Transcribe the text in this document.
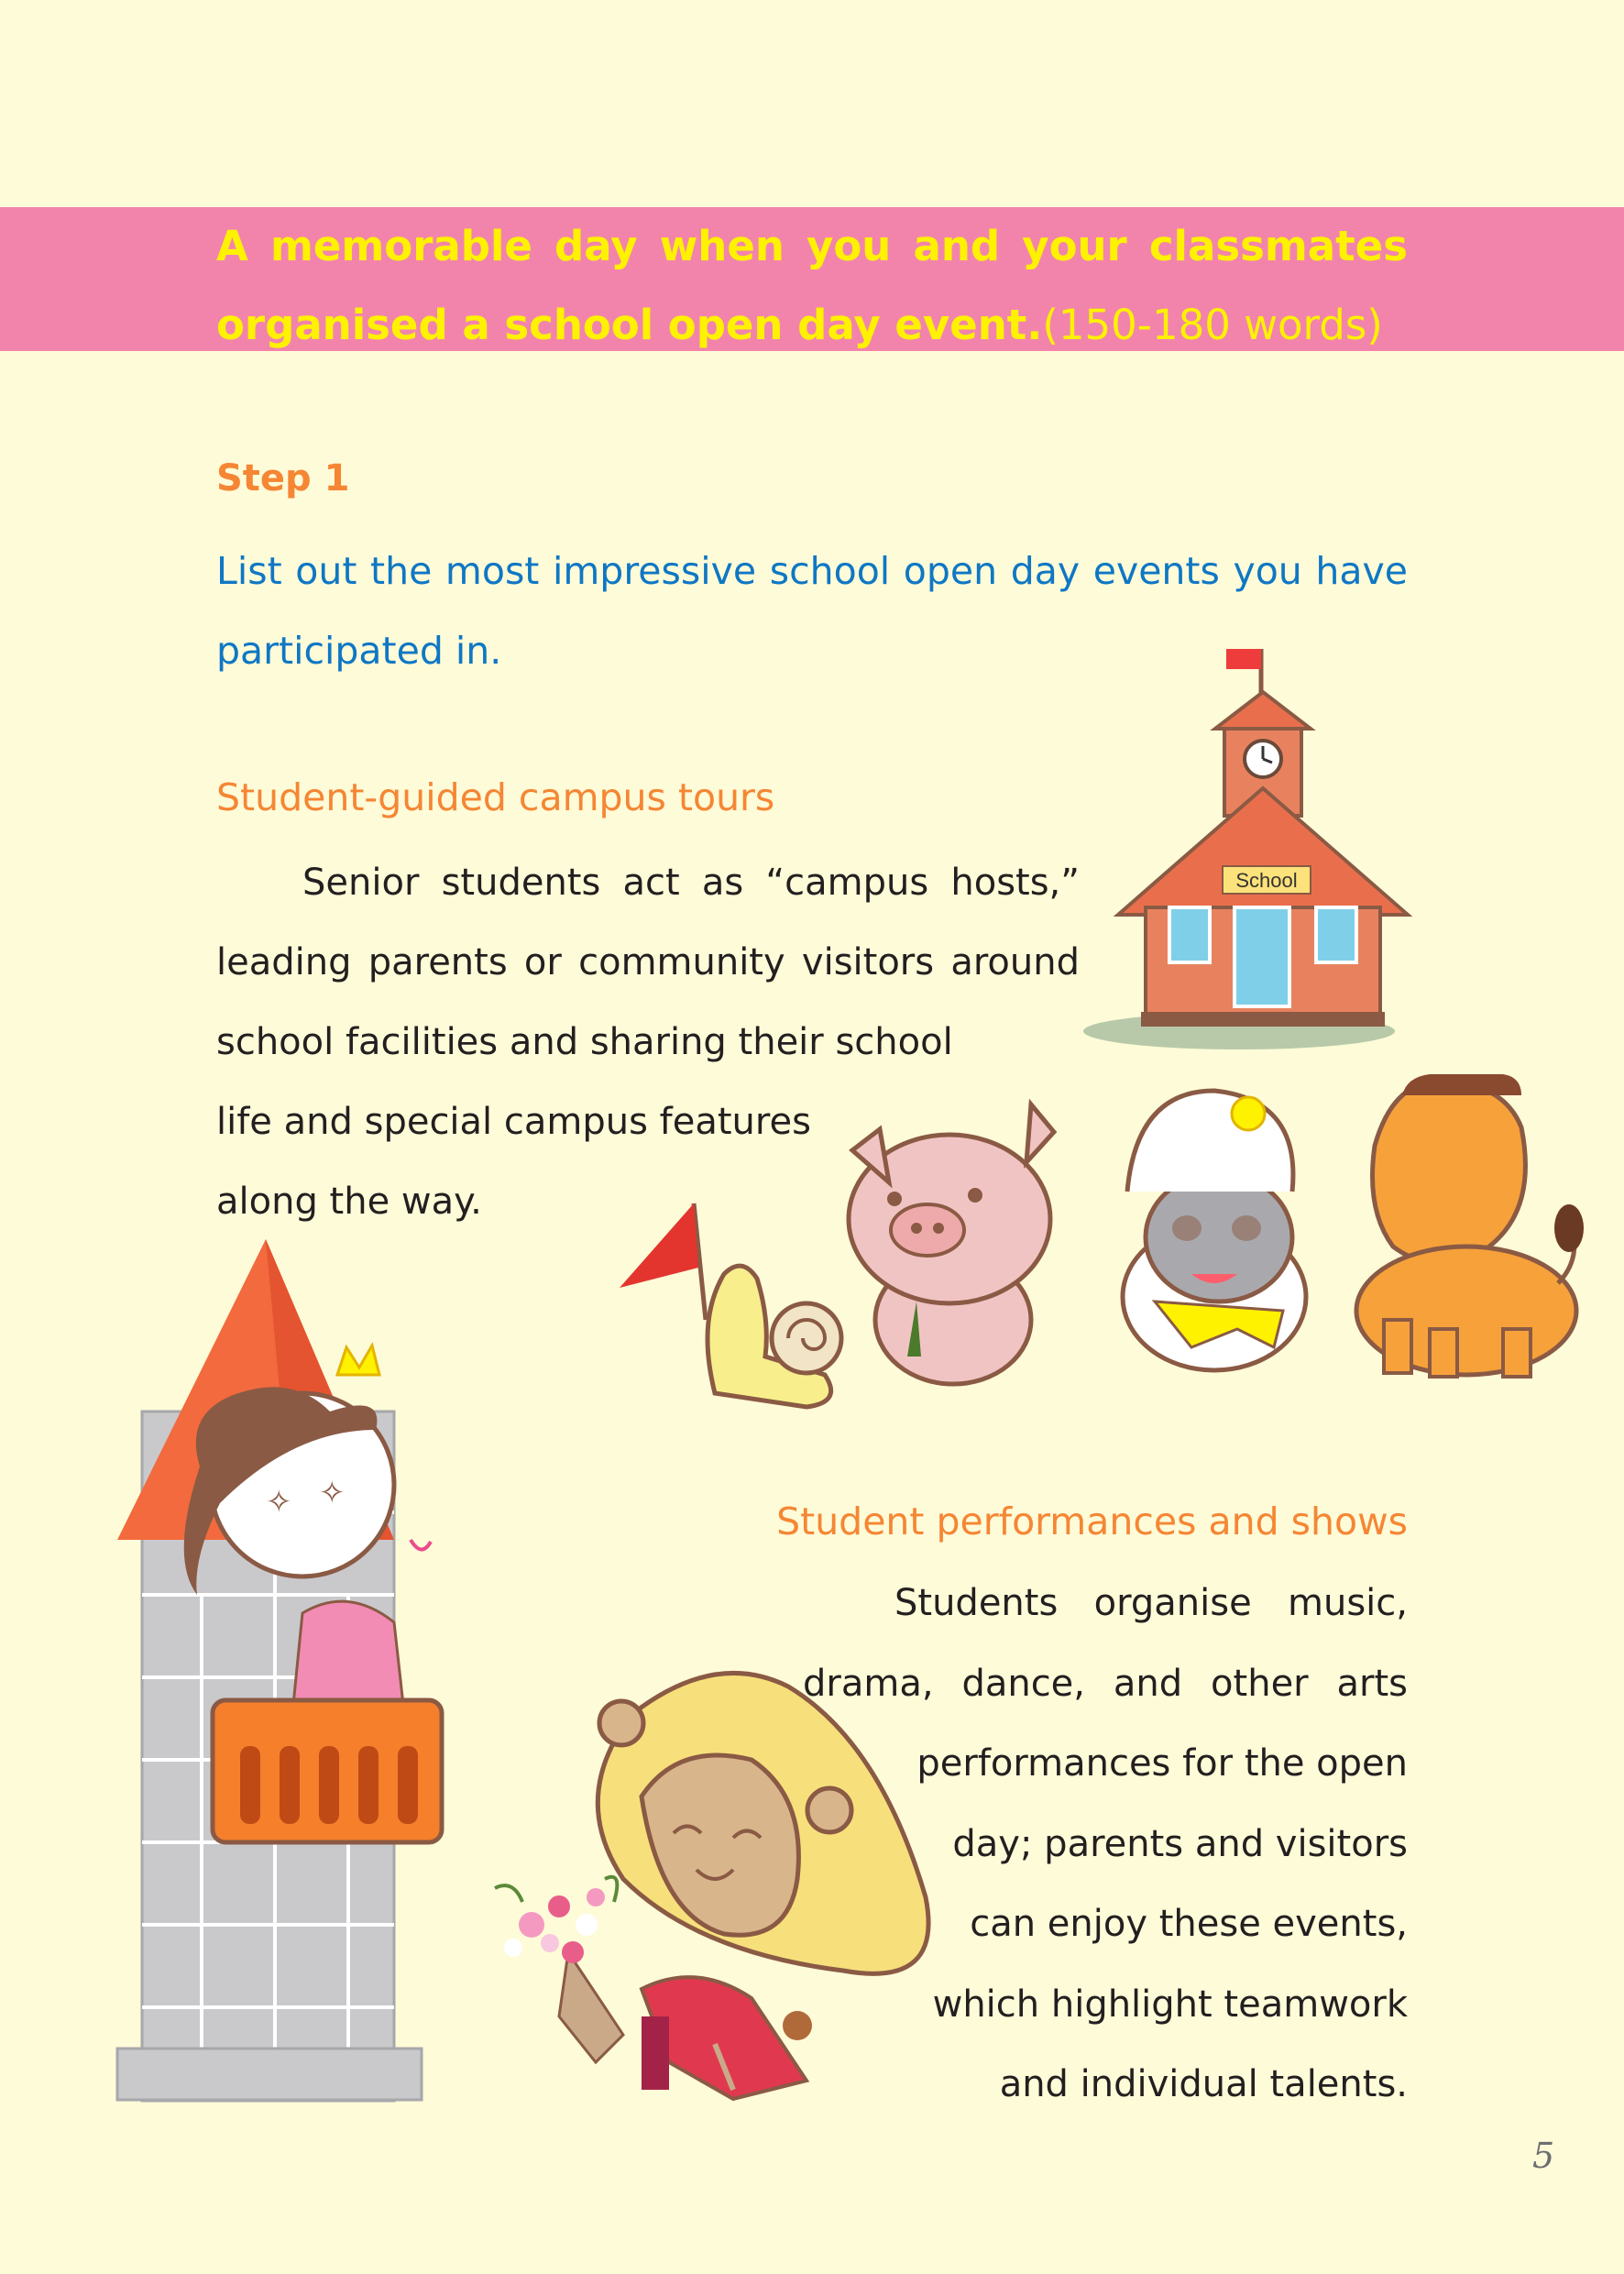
A memorable day when you and your classmates organised a school open day event.(150-180 words)
Step 1
List out the most impressive school open day events you have participated in.
Student-guided campus tours
Senior students act as “campus hosts,”
leading parents or community visitors around
school facilities and sharing their school
life and special campus features
along the way.
Student performances and shows
Students organise music,
drama, dance, and other arts
performances for the open
day; parents and visitors
can enjoy these events,
which highlight teamwork
and individual talents.
5
School
✧ ✧
